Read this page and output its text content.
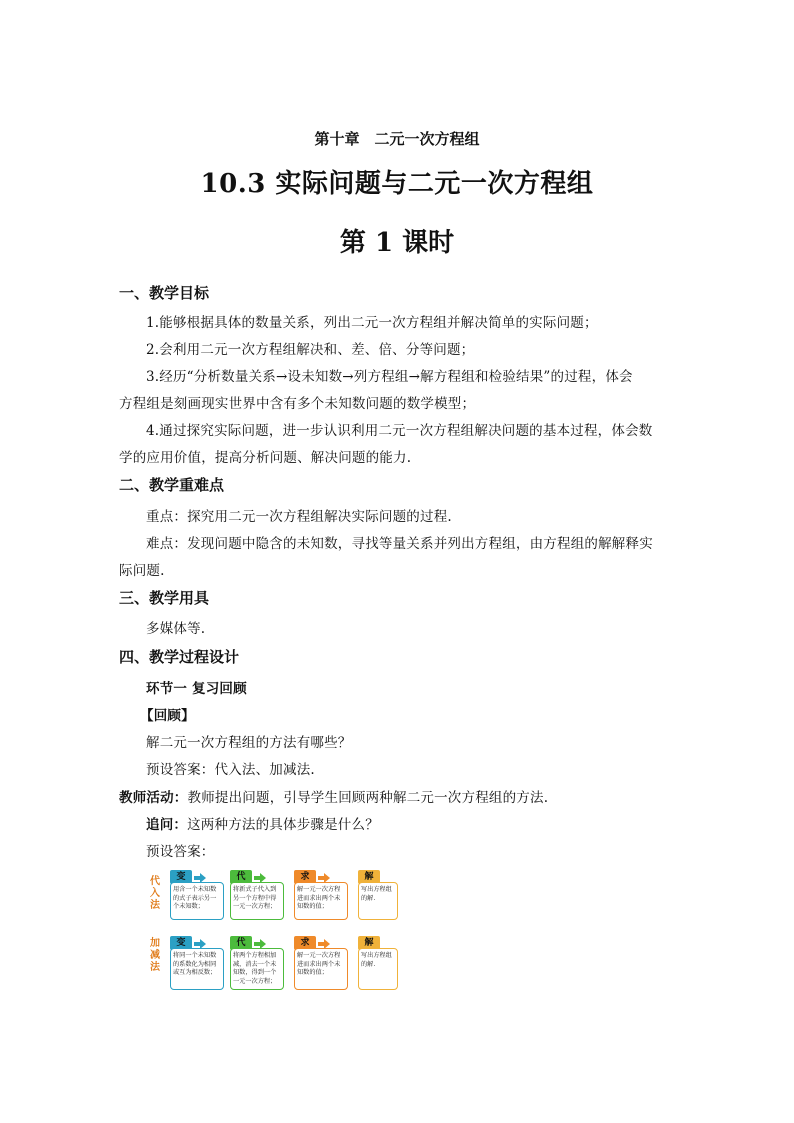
第十章　二元一次方程组
10.3 实际问题与二元一次方程组
第 1 课时
一、教学目标
1.能够根据具体的数量关系，列出二元一次方程组并解决简单的实际问题；
2.会利用二元一次方程组解决和、差、倍、分等问题；
3.经历“分析数量关系→设未知数→列方程组→解方程组和检验结果”的过程，体会
方程组是刻画现实世界中含有多个未知数问题的数学模型；
4.通过探究实际问题，进一步认识利用二元一次方程组解决问题的基本过程，体会数
学的应用价值，提高分析问题、解决问题的能力.
二、教学重难点
重点：探究用二元一次方程组解决实际问题的过程.
难点：发现问题中隐含的未知数，寻找等量关系并列出方程组，由方程组的解解释实
际问题.
三、教学用具
多媒体等.
四、教学过程设计
环节一 复习回顾
【回顾】
解二元一次方程组的方法有哪些？
预设答案：代入法、加减法.
教师活动：教师提出问题，引导学生回顾两种解二元一次方程组的方法.
追问：这两种方法的具体步骤是什么？
预设答案：
代入法
变
用含一个未知数的式子表示另一个未知数；
代
将新式子代入到另一个方程中得一元一次方程；
求
解一元一次方程进而求出两个未知数的值；
解
写出方程组的解.
加减法
变
将同一个未知数的系数化为相同或互为相反数；
代
将两个方程相加减，消去一个未知数，得到一个一元一次方程；
求
解一元一次方程进而求出两个未知数的值；
解
写出方程组的解.
